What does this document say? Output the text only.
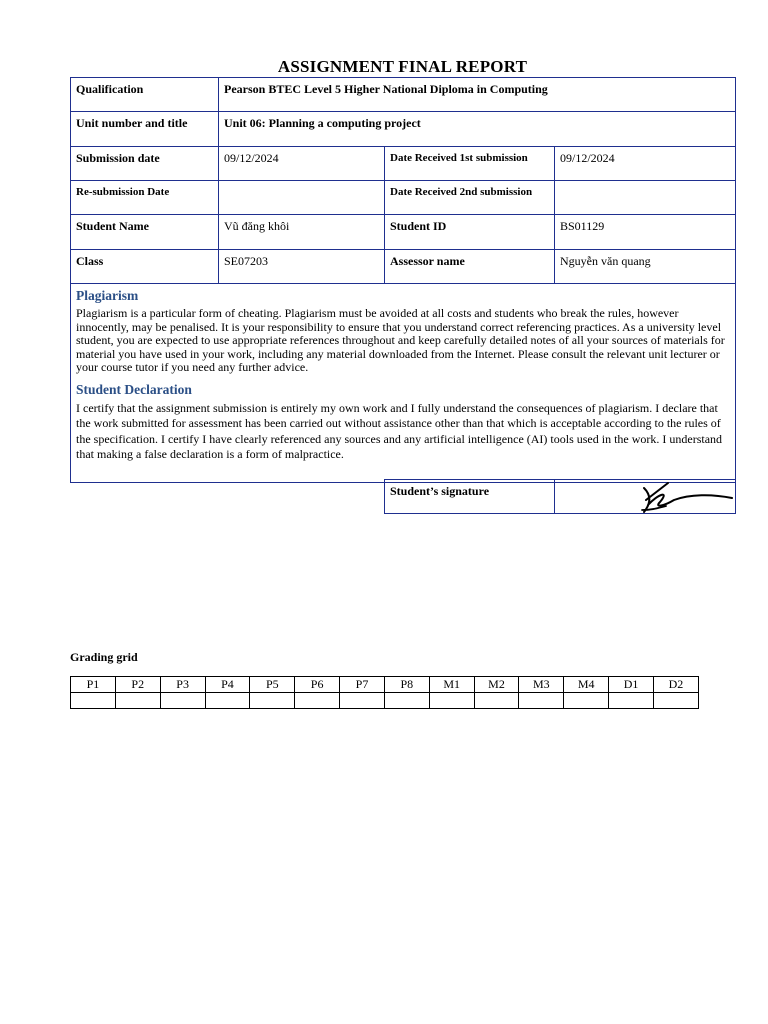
ASSIGNMENT FINAL REPORT
Qualification	Pearson BTEC Level 5 Higher National Diploma in Computing		
Unit number and title	Unit 06: Planning a computing project		
Submission date	09/12/2024	Date Received 1st submission	09/12/2024
Re-submission Date		Date Received 2nd submission	
Student Name	Vũ đăng khôi	Student ID	BS01129
Class	SE07203	Assessor name	Nguyễn văn quang

Plagiarism

Plagiarism is a particular form of cheating. Plagiarism must be avoided at all costs and students who break the rules, however innocently, may be penalised. It is your responsibility to ensure that you understand correct referencing practices. As a university level student, you are expected to use appropriate references throughout and keep carefully detailed notes of all your sources of materials for material you have used in your work, including any material downloaded from the Internet. Please consult the relevant unit lecturer or your course tutor if you need any further advice.

Student Declaration

I certify that the assignment submission is entirely my own work and I fully understand the consequences of plagiarism. I declare that the work submitted for assessment has been carried out without assistance other than that which is acceptable according to the rules of the specification. I certify I have clearly referenced any sources and any artificial intelligence (AI) tools used in the work. I understand that making a false declaration is a form of malpractice.			

Student’s signature	
Grading grid
P1	P2	P3	P4	P5	P6	P7	P8	M1	M2	M3	M4	D1	D2
